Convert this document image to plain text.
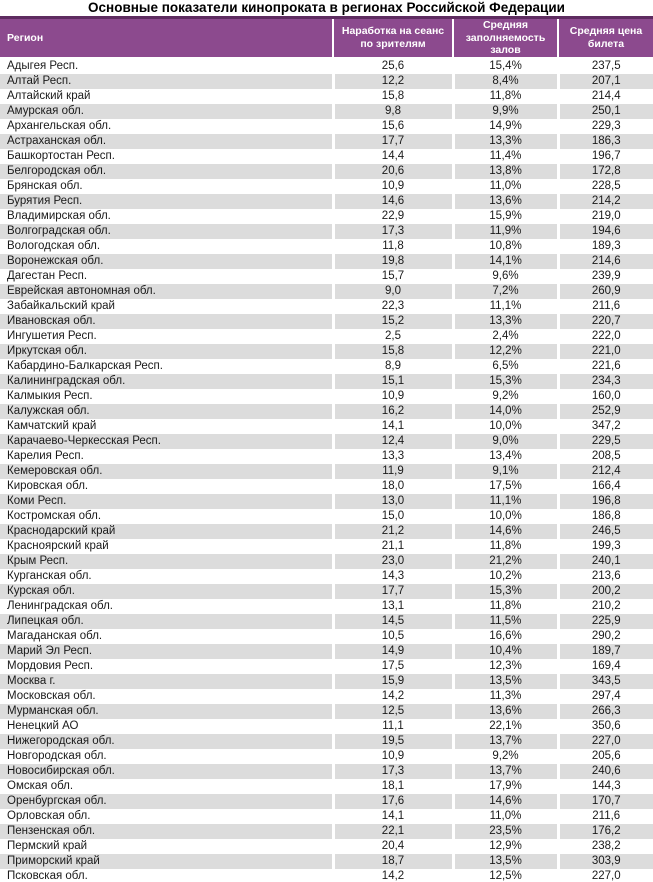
Основные показатели кинопроката в регионах Российской Федерации
Регион	Наработка на сеанс по зрителям	Средняя заполняемость залов	Средняя цена билета
Адыгея Респ.	25,6	15,4%	237,5
Алтай Респ.	12,2	8,4%	207,1
Алтайский край	15,8	11,8%	214,4
Амурская обл.	9,8	9,9%	250,1
Архангельская обл.	15,6	14,9%	229,3
Астраханская обл.	17,7	13,3%	186,3
Башкортостан Респ.	14,4	11,4%	196,7
Белгородская обл.	20,6	13,8%	172,8
Брянская обл.	10,9	11,0%	228,5
Бурятия Респ.	14,6	13,6%	214,2
Владимирская обл.	22,9	15,9%	219,0
Волгоградская обл.	17,3	11,9%	194,6
Вологодская обл.	11,8	10,8%	189,3
Воронежская обл.	19,8	14,1%	214,6
Дагестан Респ.	15,7	9,6%	239,9
Еврейская автономная обл.	9,0	7,2%	260,9
Забайкальский край	22,3	11,1%	211,6
Ивановская обл.	15,2	13,3%	220,7
Ингушетия Респ.	2,5	2,4%	222,0
Иркутская обл.	15,8	12,2%	221,0
Кабардино-Балкарская Респ.	8,9	6,5%	221,6
Калининградская обл.	15,1	15,3%	234,3
Калмыкия Респ.	10,9	9,2%	160,0
Калужская обл.	16,2	14,0%	252,9
Камчатский край	14,1	10,0%	347,2
Карачаево-Черкесская Респ.	12,4	9,0%	229,5
Карелия Респ.	13,3	13,4%	208,5
Кемеровская обл.	11,9	9,1%	212,4
Кировская обл.	18,0	17,5%	166,4
Коми Респ.	13,0	11,1%	196,8
Костромская обл.	15,0	10,0%	186,8
Краснодарский край	21,2	14,6%	246,5
Красноярский край	21,1	11,8%	199,3
Крым Респ.	23,0	21,2%	240,1
Курганская обл.	14,3	10,2%	213,6
Курская обл.	17,7	15,3%	200,2
Ленинградская обл.	13,1	11,8%	210,2
Липецкая обл.	14,5	11,5%	225,9
Магаданская обл.	10,5	16,6%	290,2
Марий Эл Респ.	14,9	10,4%	189,7
Мордовия Респ.	17,5	12,3%	169,4
Москва г.	15,9	13,5%	343,5
Московская обл.	14,2	11,3%	297,4
Мурманская обл.	12,5	13,6%	266,3
Ненецкий АО	11,1	22,1%	350,6
Нижегородская обл.	19,5	13,7%	227,0
Новгородская обл.	10,9	9,2%	205,6
Новосибирская обл.	17,3	13,7%	240,6
Омская обл.	18,1	17,9%	144,3
Оренбургская обл.	17,6	14,6%	170,7
Орловская обл.	14,1	11,0%	211,6
Пензенская обл.	22,1	23,5%	176,2
Пермский край	20,4	12,9%	238,2
Приморский край	18,7	13,5%	303,9
Псковская обл.	14,2	12,5%	227,0
